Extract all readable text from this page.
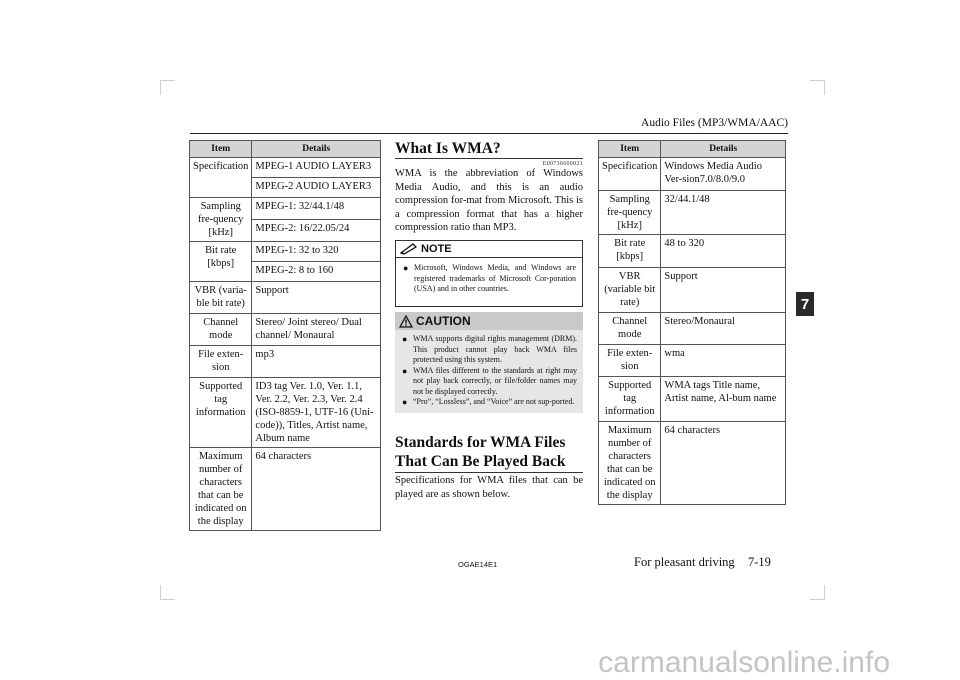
Audio Files (MP3/WMA/AAC)
7
Item	Details
Specification	MPEG-1 AUDIO LAYER3
	MPEG-2 AUDIO LAYER3
Sampling fre-quency [kHz]	MPEG-1: 32/44.1/48
	MPEG-2: 16/22.05/24
Bit rate [kbps]	MPEG-1: 32 to 320
	MPEG-2: 8 to 160
VBR (varia-ble bit rate)	Support
Channel mode	Stereo/ Joint stereo/ Dual channel/ Monaural
File exten-sion	mp3
Supported tag information	ID3 tag Ver. 1.0, Ver. 1.1, Ver. 2.2, Ver. 2.3, Ver. 2.4 (ISO-8859-1, UTF-16 (Uni-code)), Titles, Artist name, Album name
Maximum number of characters that can be indicated on the display	64 characters
What Is WMA?
E00736600021
WMA is the abbreviation of Windows Media Audio, and this is an audio compression for-mat from Microsoft. This is a compression format that has a higher compression ratio than MP3.
NOTE
● Microsoft, Windows Media, and Windows are registered trademarks of Microsoft Cor-poration (USA) and in other countries.
CAUTION
● WMA supports digital rights management (DRM). This product cannot play back WMA files protected using this system.
● WMA files different to the standards at right may not play back correctly, or file/folder names may not be displayed correctly.
● “Pro”, “Lossless”, and “Voice” are not sup-ported.
Standards for WMA Files That Can Be Played Back
Specifications for WMA files that can be played are as shown below.
Item	Details
Specification	Windows Media Audio Ver-sion7.0/8.0/9.0
Sampling fre-quency [kHz]	32/44.1/48
Bit rate [kbps]	48 to 320
VBR (variable bit rate)	Support
Channel mode	Stereo/Monaural
File exten-sion	wma
Supported tag information	WMA tags Title name, Artist name, Al-bum name
Maximum number of characters that can be indicated on the display	64 characters
OGAE14E1	For pleasant driving 7-19
carmanualsonline.info
